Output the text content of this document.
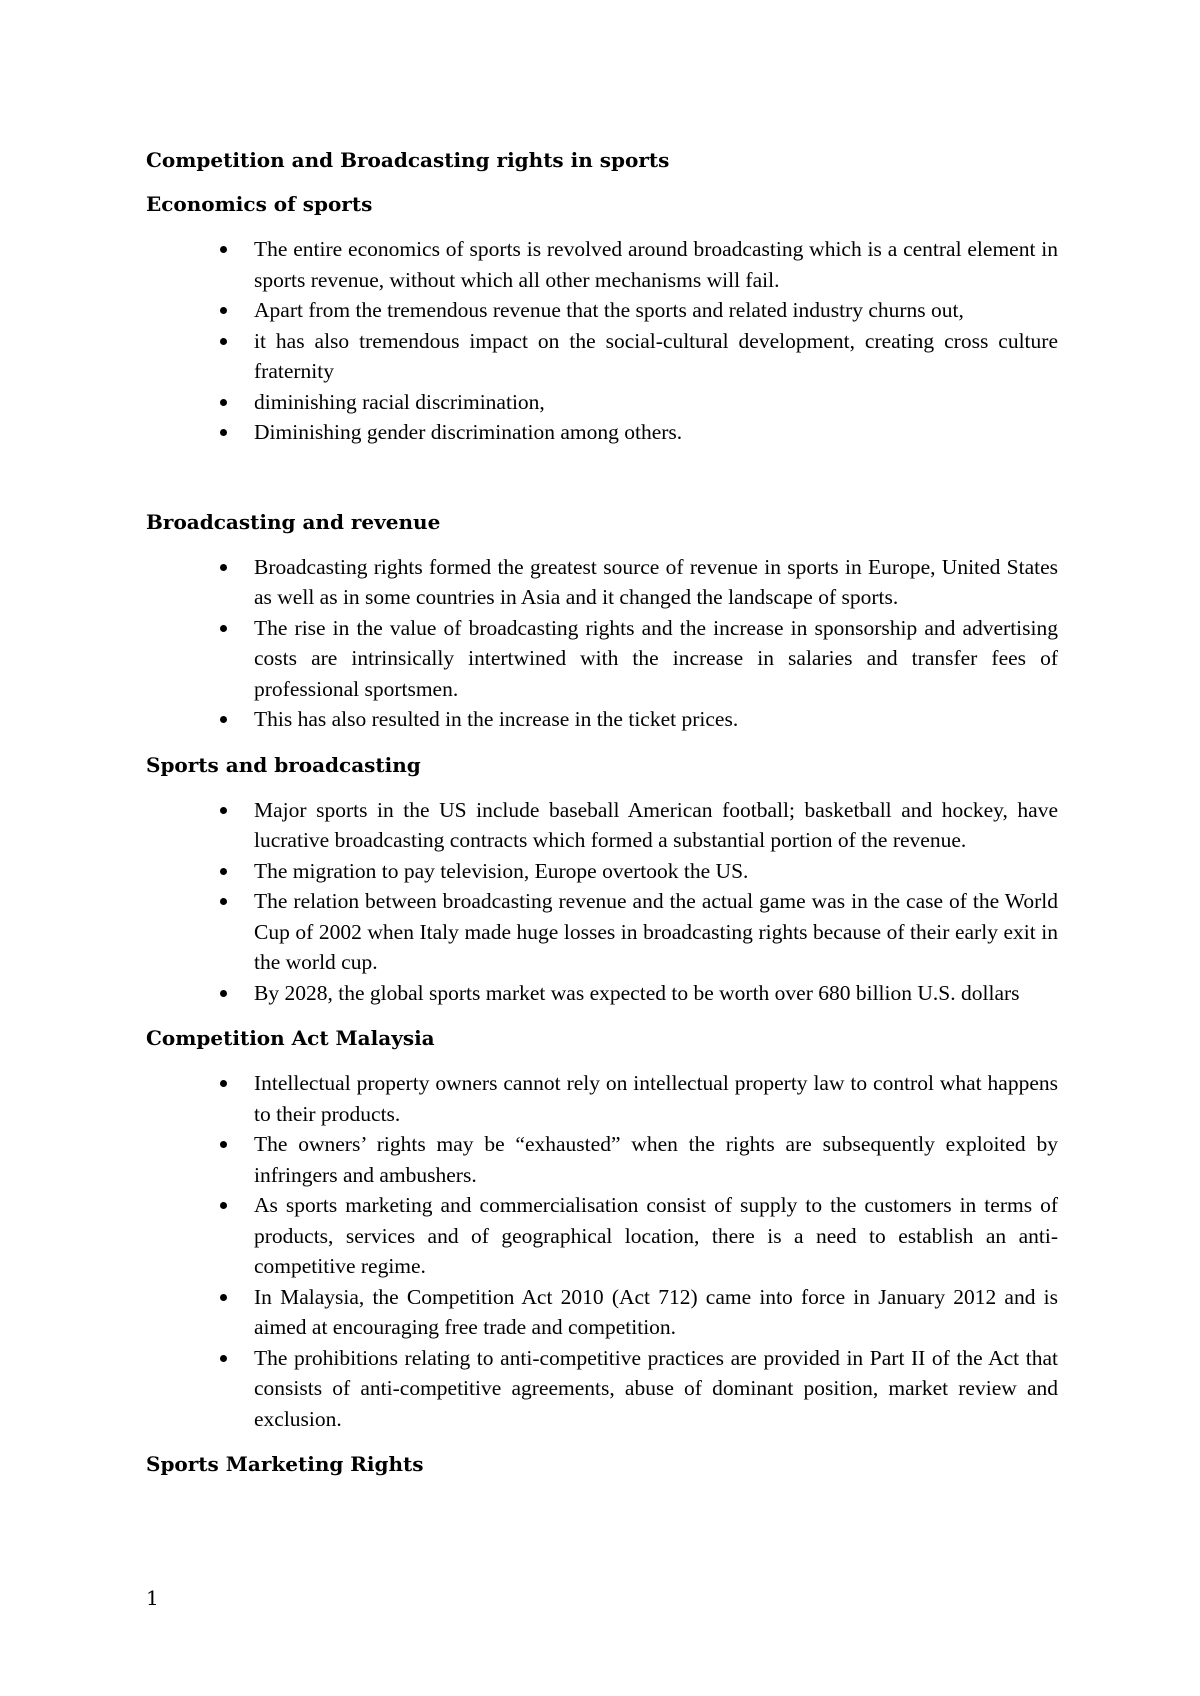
Competition and Broadcasting rights in sports
Economics of sports
The entire economics of sports is revolved around broadcasting which is a central element in sports revenue, without which all other mechanisms will fail.
Apart from the tremendous revenue that the sports and related industry churns out,
it has also tremendous impact on the social-cultural development, creating cross culture fraternity
diminishing racial discrimination,
Diminishing gender discrimination among others.
Broadcasting and revenue
Broadcasting rights formed the greatest source of revenue in sports in Europe, United States as well as in some countries in Asia and it changed the landscape of sports.
The rise in the value of broadcasting rights and the increase in sponsorship and advertising costs are intrinsically intertwined with the increase in salaries and transfer fees of professional sportsmen.
This has also resulted in the increase in the ticket prices.
Sports and broadcasting
Major sports in the US include baseball American football; basketball and hockey, have lucrative broadcasting contracts which formed a substantial portion of the revenue.
The migration to pay television, Europe overtook the US.
The relation between broadcasting revenue and the actual game was in the case of the World Cup of 2002 when Italy made huge losses in broadcasting rights because of their early exit in the world cup.
By 2028, the global sports market was expected to be worth over 680 billion U.S. dollars
Competition Act Malaysia
Intellectual property owners cannot rely on intellectual property law to control what happens to their products.
The owners’ rights may be “exhausted” when the rights are subsequently exploited by infringers and ambushers.
As sports marketing and commercialisation consist of supply to the customers in terms of products, services and of geographical location, there is a need to establish an anti-competitive regime.
In Malaysia, the Competition Act 2010 (Act 712) came into force in January 2012 and is aimed at encouraging free trade and competition.
The prohibitions relating to anti-competitive practices are provided in Part II of the Act that consists of anti-competitive agreements, abuse of dominant position, market review and exclusion.
Sports Marketing Rights
1
